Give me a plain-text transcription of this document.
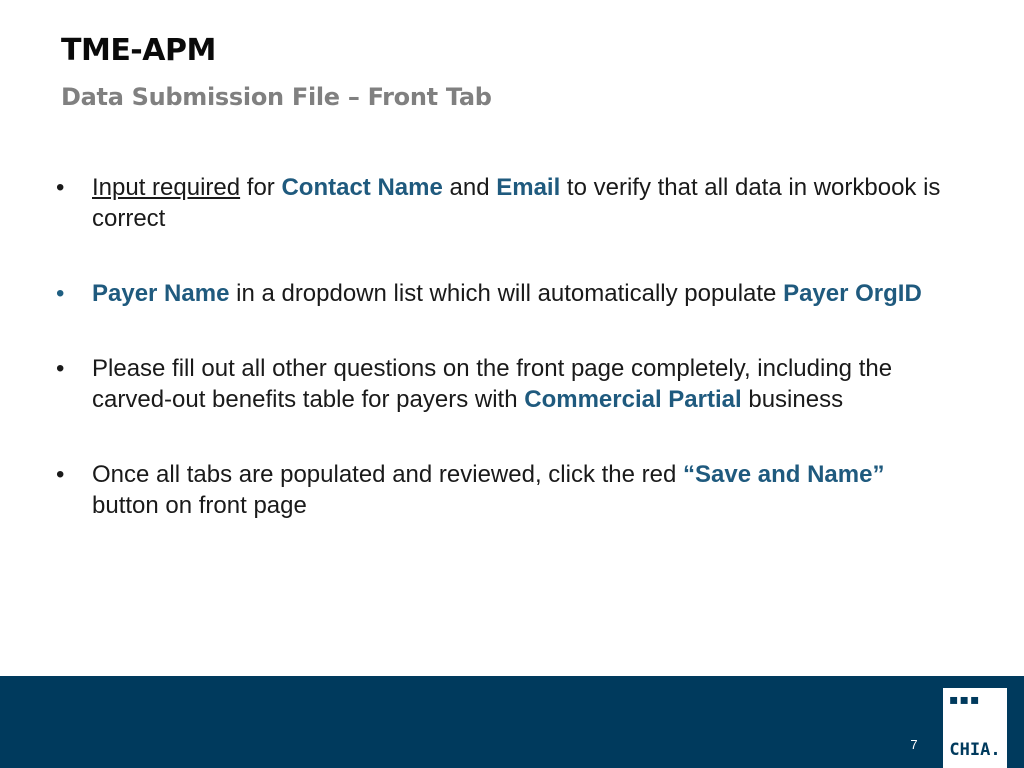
TME-APM
Data Submission File – Front Tab
•	Input required for Contact Name and Email to verify that all data in workbook is correct
•	Payer Name in a dropdown list which will automatically populate Payer OrgID
•	Please fill out all other questions on the front page completely, including the carved-out benefits table for payers with Commercial Partial business
•	Once all tabs are populated and reviewed, click the red “Save and Name” button on front page
7
▪▪▪
CHIA.
